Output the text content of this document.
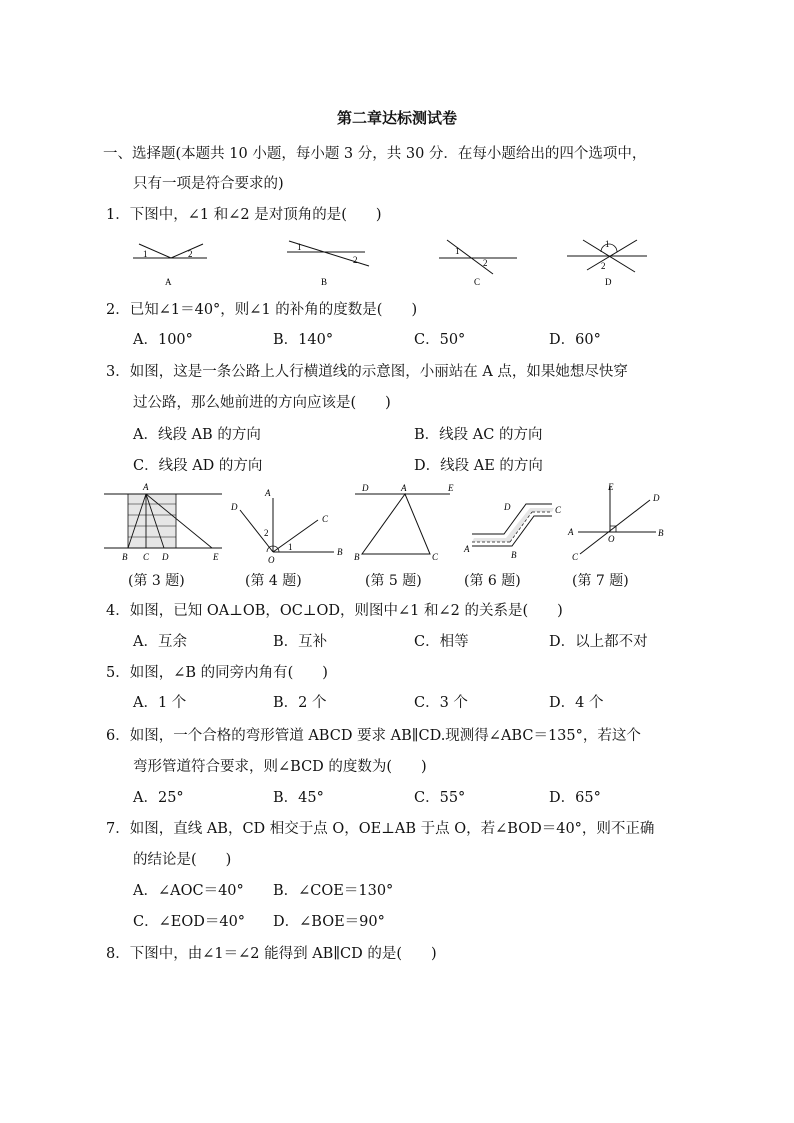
第二章达标测试卷
一、选择题(本题共 10 小题，每小题 3 分，共 30 分．在每小题给出的四个选项中，
只有一项是符合要求的)
1．下图中，∠1 和∠2 是对顶角的是(　　)
1	2
A
1
2
B
1
2
C
1
2
D
2．已知∠1＝40°，则∠1 的补角的度数是(　　)
A．100°	B．140°	C．50°	D．60°
3．如图，这是一条公路上人行横道线的示意图，小丽站在 A 点，如果她想尽快穿
过公路，那么她前进的方向应该是(　　)
A．线段 AB 的方向	B．线段 AC 的方向
C．线段 AD 的方向	D．线段 AE 的方向
A
B C D	E
A
D
C
O
B
1
2
D	A	E
B	C
D	C
A
B
E
D
A
O
B
C
(第 3 题)	(第 4 题)	(第 5 题)	(第 6 题)	(第 7 题)
4．如图，已知 OA⊥OB，OC⊥OD，则图中∠1 和∠2 的关系是(　　)
A．互余	B．互补	C．相等	D．以上都不对
5．如图，∠B 的同旁内角有(　　)
A．1 个	B．2 个	C．3 个	D．4 个
6．如图，一个合格的弯形管道 ABCD 要求 AB∥CD.现测得∠ABC＝135°，若这个
弯形管道符合要求，则∠BCD 的度数为(　　)
A．25°	B．45°	C．55°	D．65°
7．如图，直线 AB，CD 相交于点 O，OE⊥AB 于点 O，若∠BOD＝40°，则不正确
的结论是(　　)
A．∠AOC＝40° B．∠COE＝130°
C．∠EOD＝40° D．∠BOE＝90°
8．下图中，由∠1＝∠2 能得到 AB∥CD 的是(　　)
